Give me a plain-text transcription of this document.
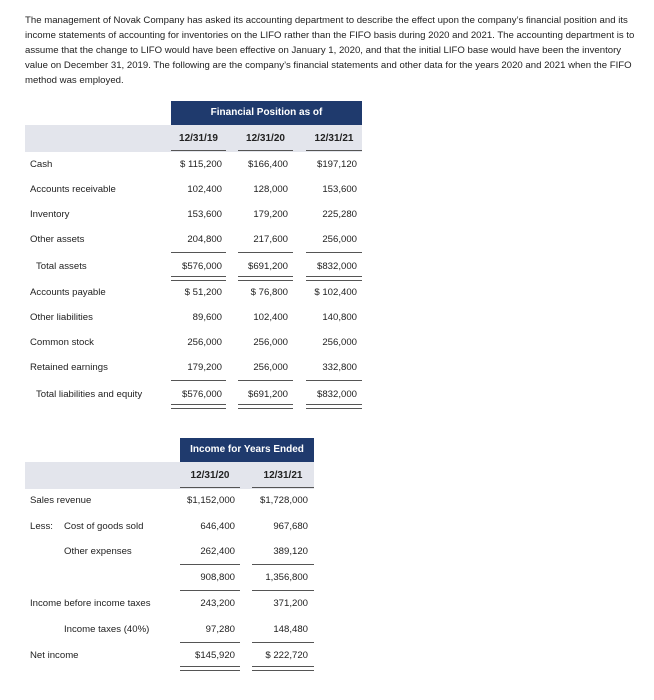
The management of Novak Company has asked its accounting department to describe the effect upon the company’s financial position and its income statements of accounting for inventories on the LIFO rather than the FIFO basis during 2020 and 2021. The accounting department is to assume that the change to LIFO would have been effective on January 1, 2020, and that the initial LIFO base would have been the inventory value on December 31, 2019. The following are the company’s financial statements and other data for the years 2020 and 2021 when the FIFO method was employed.
Financial Position as of
12/31/19	12/31/20	12/31/21
Cash	$ 115,200	$166,400	$197,120
Accounts receivable	102,400	128,000	153,600
Inventory	153,600	179,200	225,280
Other assets	204,800	217,600	256,000
Total assets	$576,000	$691,200	$832,000
Accounts payable	$ 51,200	$ 76,800	$ 102,400
Other liabilities	89,600	102,400	140,800
Common stock	256,000	256,000	256,000
Retained earnings	179,200	256,000	332,800
Total liabilities and equity	$576,000	$691,200	$832,000
Income for Years Ended
12/31/20	12/31/21
Sales revenue	$1,152,000	$1,728,000
Less: Cost of goods sold	646,400	967,680
Other expenses	262,400	389,120
908,800	1,356,800
Income before income taxes	243,200	371,200
Income taxes (40%)	97,280	148,480
Net income	$145,920	$ 222,720
